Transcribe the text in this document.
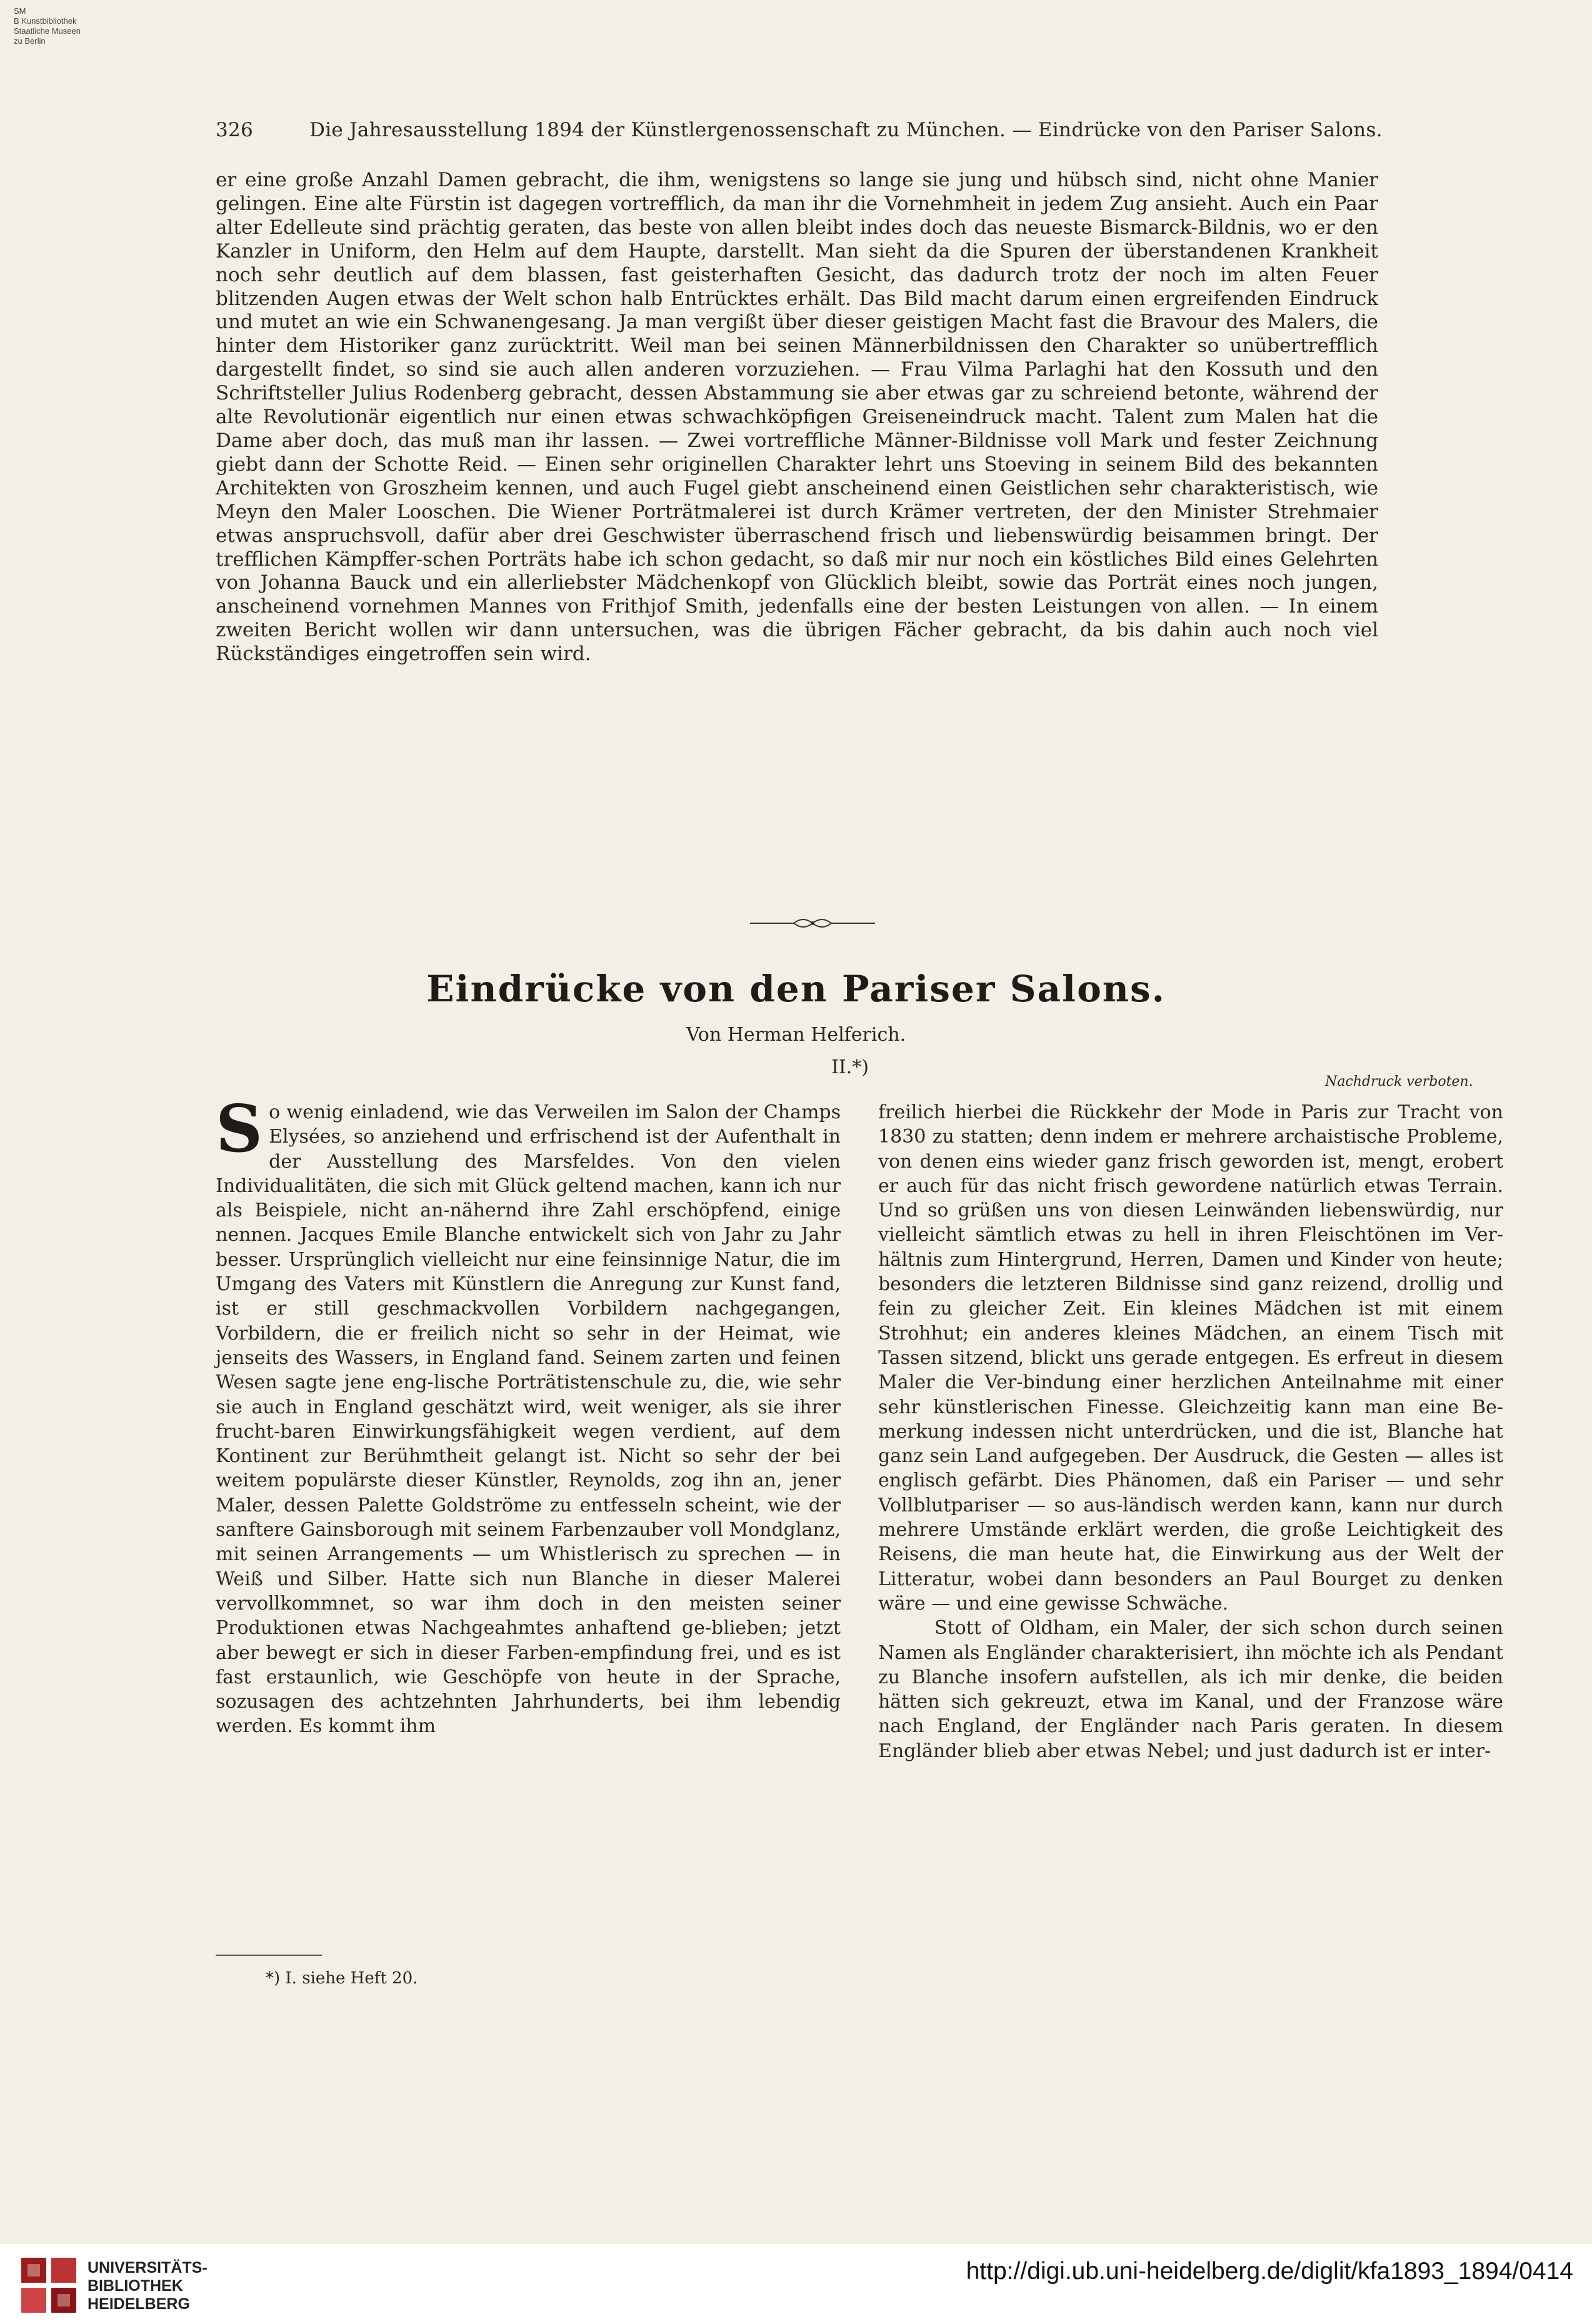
SM
B Kunstbibliothek
Staatliche Museen
zu Berlin
326	Die Jahresausstellung 1894 der Künstlergenossenschaft zu München. — Eindrücke von den Pariser Salons.

er eine große Anzahl Damen gebracht, die ihm, wenigstens so lange sie jung und hübsch sind, nicht ohne Manier gelingen. Eine alte Fürstin ist dagegen vortrefflich, da man ihr die Vornehmheit in jedem Zug ansieht. Auch ein Paar alter Edelleute sind prächtig geraten, das beste von allen bleibt indes doch das neueste Bismarck-Bildnis, wo er den Kanzler in Uniform, den Helm auf dem Haupte, darstellt. Man sieht da die Spuren der überstandenen Krankheit noch sehr deutlich auf dem blassen, fast geisterhaften Gesicht, das dadurch trotz der noch im alten Feuer blitzenden Augen etwas der Welt schon halb Entrücktes erhält. Das Bild macht darum einen ergreifenden Eindruck und mutet an wie ein Schwanengesang. Ja man vergißt über dieser geistigen Macht fast die Bravour des Malers, die hinter dem Historiker ganz zurücktritt. Weil man bei seinen Männerbildnissen den Charakter so unübertrefflich dargestellt findet, so sind sie auch allen anderen vorzuziehen. — Frau Vilma Parlaghi hat den Kossuth und den Schriftsteller Julius Rodenberg gebracht, dessen Abstammung sie aber etwas gar zu schreiend betonte, während der alte Revolutionär eigentlich nur einen etwas schwachköpfigen Greiseneindruck macht. Talent zum Malen hat die Dame aber doch, das muß man ihr lassen. — Zwei vortreffliche Männer-Bildnisse voll Mark und fester Zeichnung giebt dann der Schotte Reid. — Einen sehr originellen Charakter lehrt uns Stoeving in seinem Bild des bekannten Architekten von Groszheim kennen, und auch Fugel giebt anscheinend einen Geistlichen sehr charakteristisch, wie Meyn den Maler Looschen. Die Wiener Porträtmalerei ist durch Krämer vertreten, der den Minister Strehmaier etwas anspruchsvoll, dafür aber drei Geschwister überraschend frisch und liebenswürdig beisammen bringt. Der trefflichen Kämpffer-schen Porträts habe ich schon gedacht, so daß mir nur noch ein köstliches Bild eines Gelehrten von Johanna Bauck und ein allerliebster Mädchenkopf von Glücklich bleibt, sowie das Porträt eines noch jungen, anscheinend vornehmen Mannes von Frithjof Smith, jedenfalls eine der besten Leistungen von allen. — In einem zweiten Bericht wollen wir dann untersuchen, was die übrigen Fächer gebracht, da bis dahin auch noch viel Rückständiges eingetroffen sein wird.

Eindrücke von den Pariser Salons.
Von Herman Helferich.
II.*)
Nachdruck verboten.

So wenig einladend, wie das Verweilen im Salon der Champs Elysées, so anziehend und erfrischend ist der Aufenthalt in der Ausstellung des Marsfeldes. Von den vielen Individualitäten, die sich mit Glück geltend machen, kann ich nur als Beispiele, nicht an-nähernd ihre Zahl erschöpfend, einige nennen. Jacques Emile Blanche entwickelt sich von Jahr zu Jahr besser. Ursprünglich vielleicht nur eine feinsinnige Natur, die im Umgang des Vaters mit Künstlern die Anregung zur Kunst fand, ist er still geschmackvollen Vorbildern nachgegangen, Vorbildern, die er freilich nicht so sehr in der Heimat, wie jenseits des Wassers, in England fand. Seinem zarten und feinen Wesen sagte jene eng-lische Porträtistenschule zu, die, wie sehr sie auch in England geschätzt wird, weit weniger, als sie ihrer frucht-baren Einwirkungsfähigkeit wegen verdient, auf dem Kontinent zur Berühmtheit gelangt ist. Nicht so sehr der bei weitem populärste dieser Künstler, Reynolds, zog ihn an, jener Maler, dessen Palette Goldströme zu entfesseln scheint, wie der sanftere Gainsborough mit seinem Farbenzauber voll Mondglanz, mit seinen Arrangements — um Whistlerisch zu sprechen — in Weiß und Silber. Hatte sich nun Blanche in dieser Malerei vervollkommnet, so war ihm doch in den meisten seiner Produktionen etwas Nachgeahmtes anhaftend ge-blieben; jetzt aber bewegt er sich in dieser Farben-empfindung frei, und es ist fast erstaunlich, wie Geschöpfe von heute in der Sprache, sozusagen des achtzehnten Jahrhunderts, bei ihm lebendig werden. Es kommt ihm

freilich hierbei die Rückkehr der Mode in Paris zur Tracht von 1830 zu statten; denn indem er mehrere archaistische Probleme, von denen eins wieder ganz frisch geworden ist, mengt, erobert er auch für das nicht frisch gewordene natürlich etwas Terrain. Und so grüßen uns von diesen Leinwänden liebenswürdig, nur vielleicht sämtlich etwas zu hell in ihren Fleischtönen im Ver-hältnis zum Hintergrund, Herren, Damen und Kinder von heute; besonders die letzteren Bildnisse sind ganz reizend, drollig und fein zu gleicher Zeit. Ein kleines Mädchen ist mit einem Strohhut; ein anderes kleines Mädchen, an einem Tisch mit Tassen sitzend, blickt uns gerade entgegen. Es erfreut in diesem Maler die Ver-bindung einer herzlichen Anteilnahme mit einer sehr künstlerischen Finesse. Gleichzeitig kann man eine Be-merkung indessen nicht unterdrücken, und die ist, Blanche hat ganz sein Land aufgegeben. Der Ausdruck, die Gesten — alles ist englisch gefärbt. Dies Phänomen, daß ein Pariser — und sehr Vollblutpariser — so aus-ländisch werden kann, kann nur durch mehrere Umstände erklärt werden, die große Leichtigkeit des Reisens, die man heute hat, die Einwirkung aus der Welt der Litteratur, wobei dann besonders an Paul Bourget zu denken wäre — und eine gewisse Schwäche.

Stott of Oldham, ein Maler, der sich schon durch seinen Namen als Engländer charakterisiert, ihn möchte ich als Pendant zu Blanche insofern aufstellen, als ich mir denke, die beiden hätten sich gekreuzt, etwa im Kanal, und der Franzose wäre nach England, der Engländer nach Paris geraten. In diesem Engländer blieb aber etwas Nebel; und just dadurch ist er inter-

*) I. siehe Heft 20.
UNIVERSITÄTS-
BIBLIOTHEK
HEIDELBERG
http://digi.ub.uni-heidelberg.de/diglit/kfa1893_1894/0414
